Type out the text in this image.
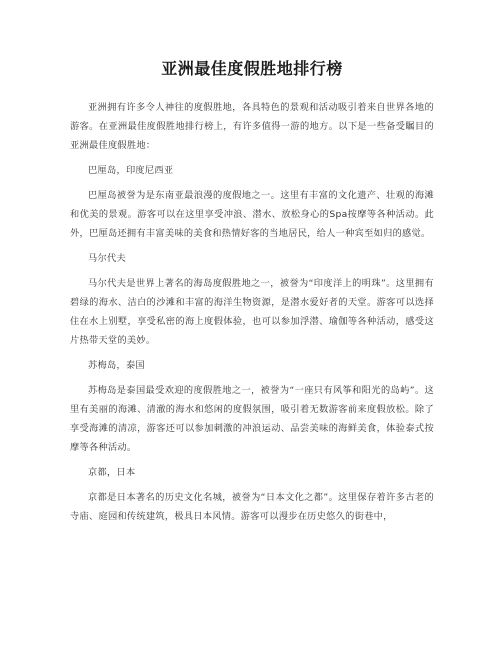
亚洲最佳度假胜地排行榜

亚洲拥有许多令人神往的度假胜地，各具特色的景观和活动吸引着来自世界各地的游客。在亚洲最佳度假胜地排行榜上，有许多值得一游的地方。以下是一些备受瞩目的亚洲最佳度假胜地：

巴厘岛，印度尼西亚

巴厘岛被誉为是东南亚最浪漫的度假地之一。这里有丰富的文化遗产、壮观的海滩和优美的景观。游客可以在这里享受冲浪、潜水、放松身心的Spa按摩等各种活动。此外，巴厘岛还拥有丰富美味的美食和热情好客的当地居民，给人一种宾至如归的感觉。

马尔代夫

马尔代夫是世界上著名的海岛度假胜地之一，被誉为“印度洋上的明珠”。这里拥有碧绿的海水、洁白的沙滩和丰富的海洋生物资源，是潜水爱好者的天堂。游客可以选择住在水上别墅，享受私密的海上度假体验，也可以参加浮潜、瑜伽等各种活动，感受这片热带天堂的美妙。

苏梅岛，泰国

苏梅岛是泰国最受欢迎的度假胜地之一，被誉为“一座只有风筝和阳光的岛屿”。这里有美丽的海滩、清澈的海水和悠闲的度假氛围，吸引着无数游客前来度假放松。除了享受海滩的清凉，游客还可以参加刺激的冲浪运动、品尝美味的海鲜美食，体验泰式按摩等各种活动。

京都，日本

京都是日本著名的历史文化名城，被誉为“日本文化之都”。这里保存着许多古老的寺庙、庭园和传统建筑，极具日本风情。游客可以漫步在历史悠久的街巷中，
